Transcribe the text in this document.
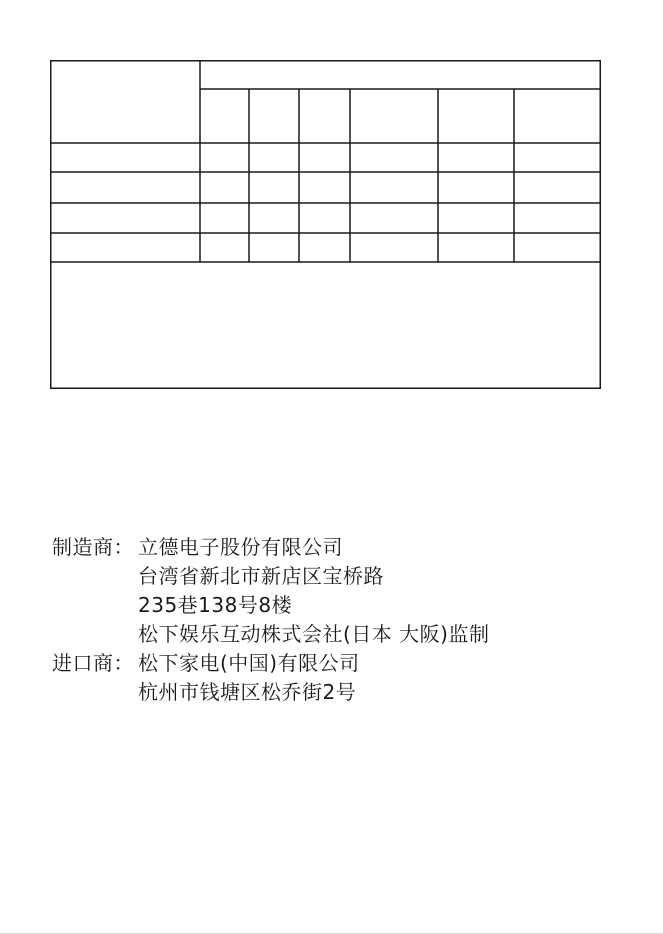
制造商： 立德电子股份有限公司
台湾省新北市新店区宝桥路
235巷138号8楼
松下娱乐互动株式会社(日本 大阪)监制
进口商： 松下家电(中国)有限公司
杭州市钱塘区松乔街2号
